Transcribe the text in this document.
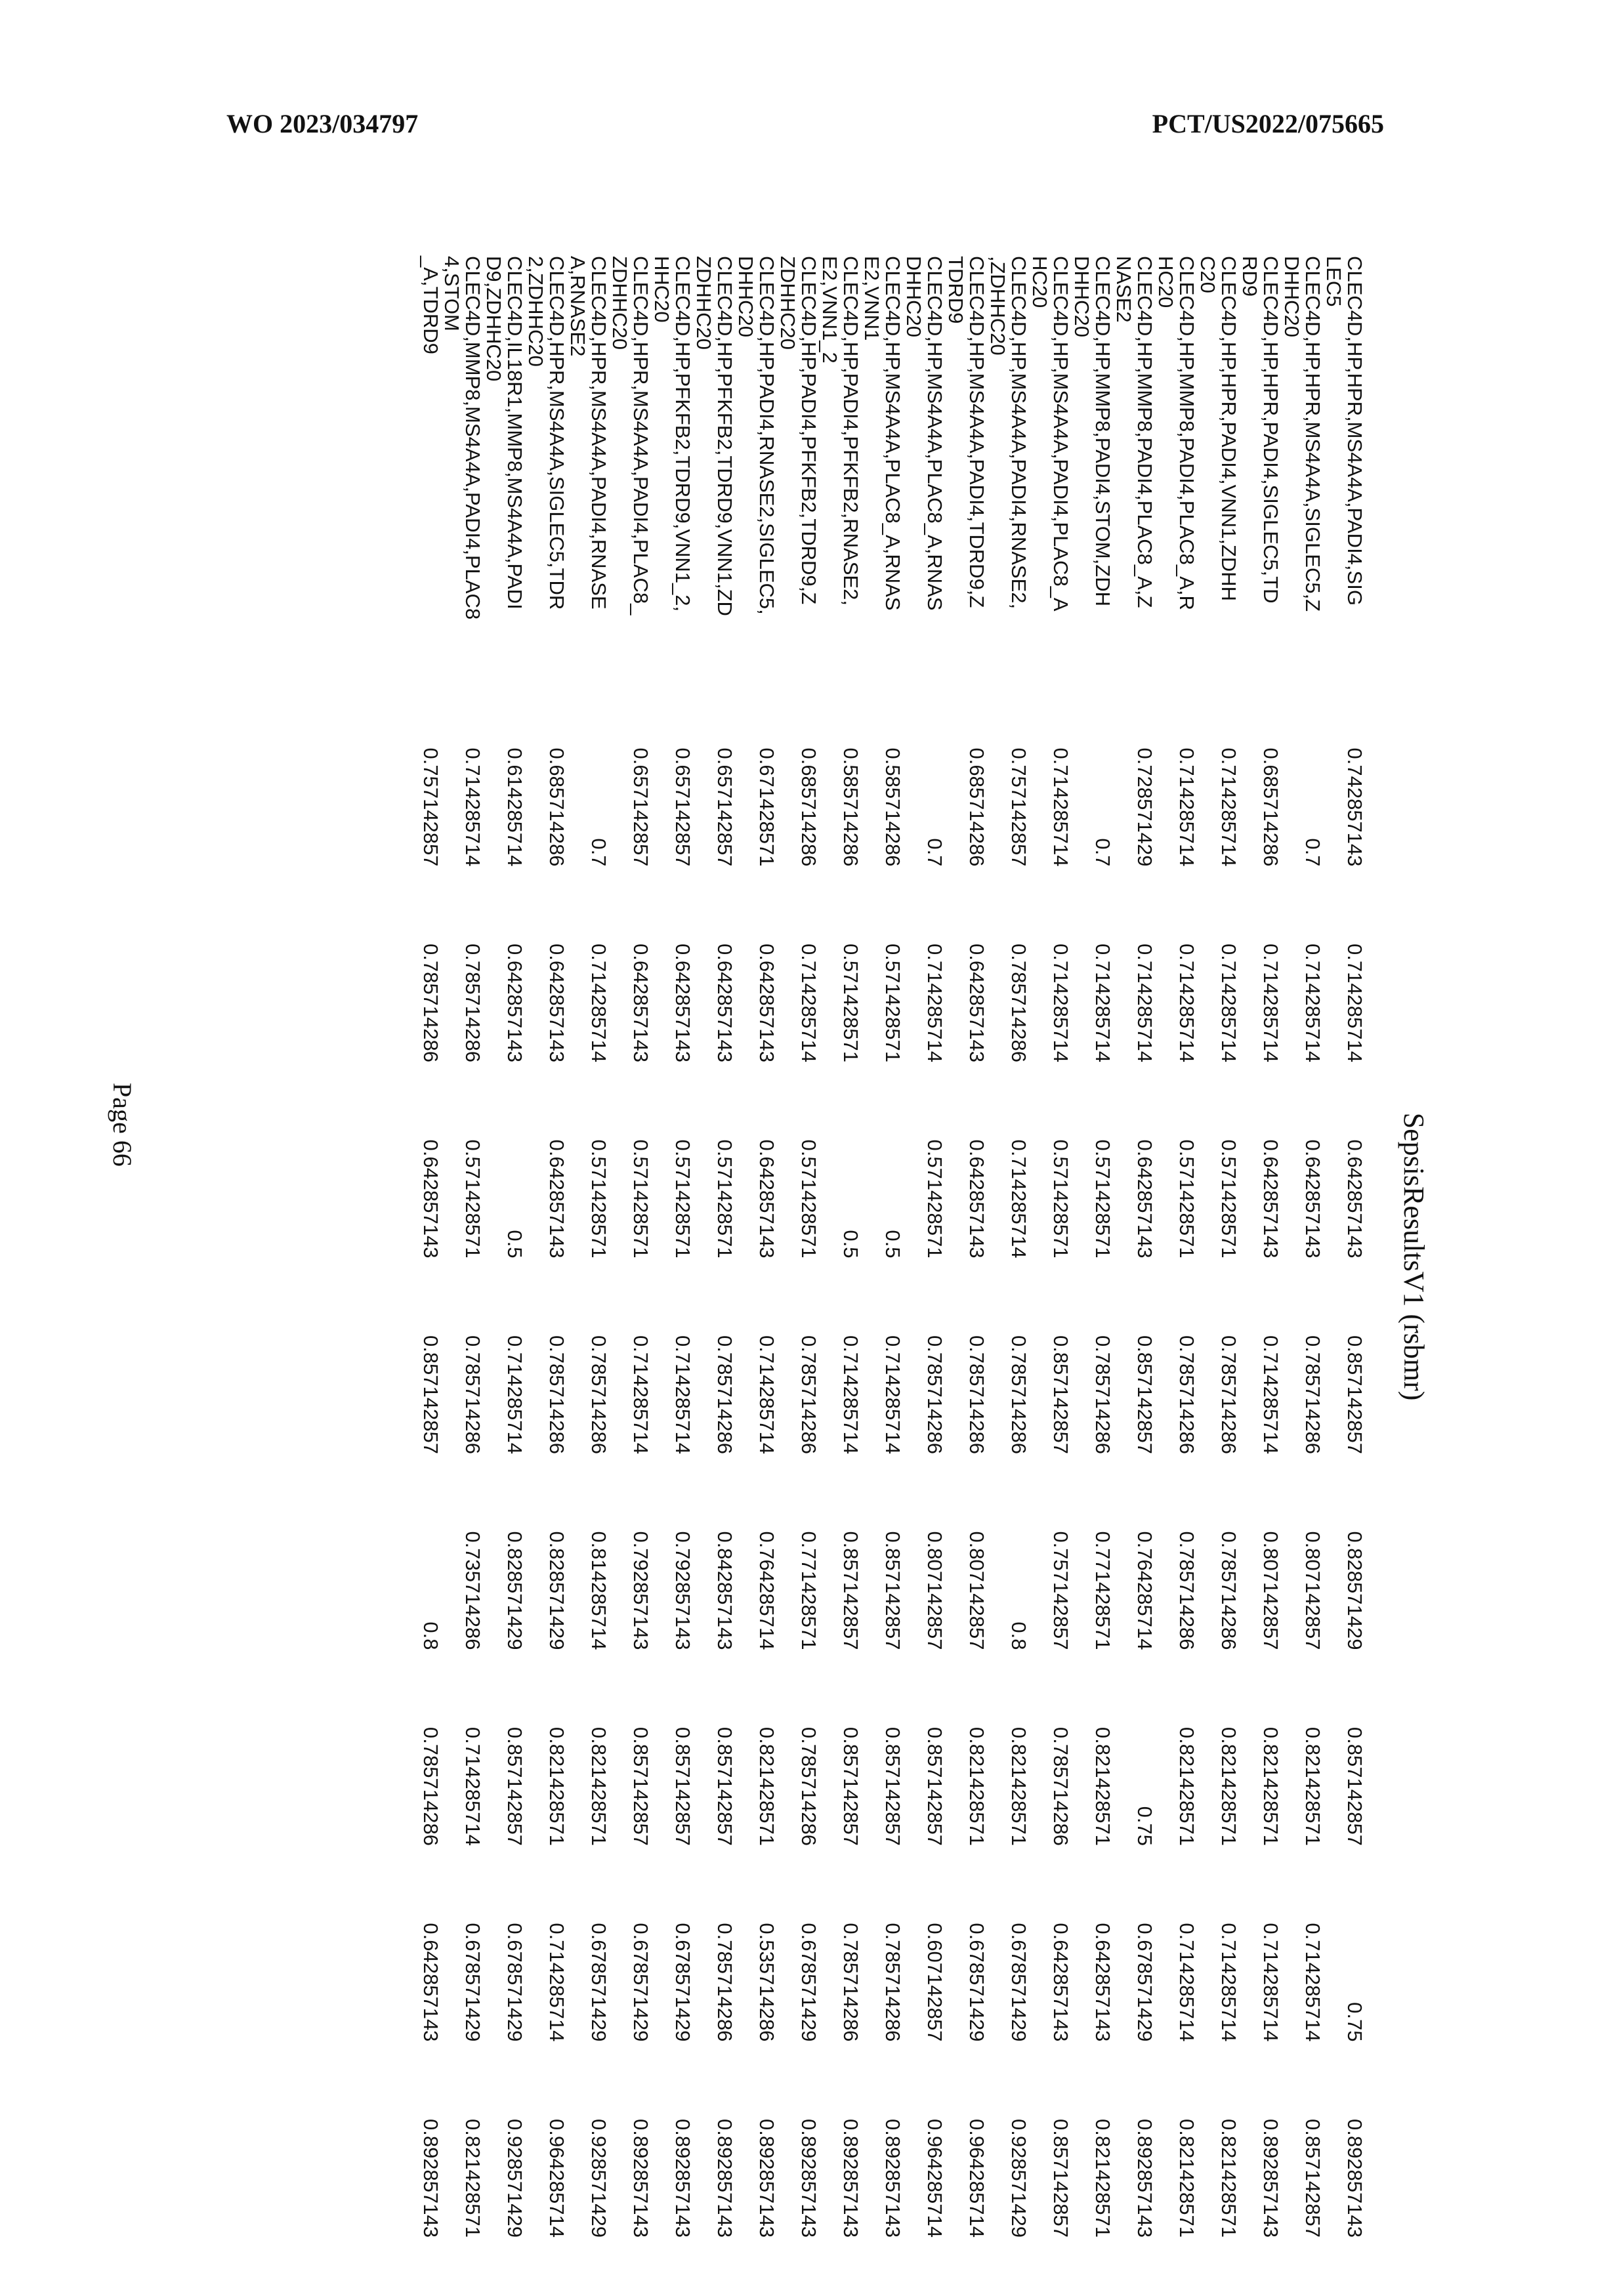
WO 2023/034797	PCT/US2022/075665
SepsisResultsV1 (rsbmr)
CLEC4D,HP,HPR,MS4A4A,PADI4,SIG
LEC5	0.742857143	0.714285714	0.642857143	0.857142857	0.828571429	0.857142857	0.75	0.892857143
CLEC4D,HP,HPR,MS4A4A,SIGLEC5,Z
DHHC20	0.7	0.714285714	0.642857143	0.785714286	0.807142857	0.821428571	0.714285714	0.857142857
CLEC4D,HP,HPR,PADI4,SIGLEC5,TD
RD9	0.685714286	0.714285714	0.642857143	0.714285714	0.807142857	0.821428571	0.714285714	0.892857143
CLEC4D,HP,HPR,PADI4,VNN1,ZDHH
C20	0.714285714	0.714285714	0.571428571	0.785714286	0.785714286	0.821428571	0.714285714	0.821428571
CLEC4D,HP,MMP8,PADI4,PLAC8_A,R
HC20	0.714285714	0.714285714	0.571428571	0.785714286	0.785714286	0.821428571	0.714285714	0.821428571
CLEC4D,HP,MMP8,PADI4,PLAC8_A,Z
NASE2	0.728571429	0.714285714	0.642857143	0.857142857	0.764285714	0.75	0.678571429	0.892857143
CLEC4D,HP,MMP8,PADI4,STOM,ZDH
DHHC20	0.7	0.714285714	0.571428571	0.785714286	0.771428571	0.821428571	0.642857143	0.821428571
CLEC4D,HP,MS4A4A,PADI4,PLAC8_A
HC20	0.714285714	0.714285714	0.571428571	0.857142857	0.757142857	0.785714286	0.642857143	0.857142857
CLEC4D,HP,MS4A4A,PADI4,RNASE2,
,ZDHHC20	0.757142857	0.785714286	0.714285714	0.785714286	0.8	0.821428571	0.678571429	0.928571429
CLEC4D,HP,MS4A4A,PADI4,TDRD9,Z
TDRD9	0.685714286	0.642857143	0.642857143	0.785714286	0.807142857	0.821428571	0.678571429	0.964285714
CLEC4D,HP,MS4A4A,PLAC8_A,RNAS
DHHC20	0.7	0.714285714	0.571428571	0.785714286	0.807142857	0.857142857	0.607142857	0.964285714
CLEC4D,HP,MS4A4A,PLAC8_A,RNAS
E2,VNN1	0.585714286	0.571428571	0.5	0.714285714	0.857142857	0.857142857	0.785714286	0.892857143
CLEC4D,HP,PADI4,PFKFB2,RNASE2,
E2,VNN1_2	0.585714286	0.571428571	0.5	0.714285714	0.857142857	0.857142857	0.785714286	0.892857143
CLEC4D,HP,PADI4,PFKFB2,TDRD9,Z
ZDHHC20	0.685714286	0.714285714	0.571428571	0.785714286	0.771428571	0.785714286	0.678571429	0.892857143
CLEC4D,HP,PADI4,RNASE2,SIGLEC5,
DHHC20	0.671428571	0.642857143	0.642857143	0.714285714	0.764285714	0.821428571	0.535714286	0.892857143
CLEC4D,HP,PFKFB2,TDRD9,VNN1,ZD
ZDHHC20	0.657142857	0.642857143	0.571428571	0.785714286	0.842857143	0.857142857	0.785714286	0.892857143
CLEC4D,HP,PFKFB2,TDRD9,VNN1_2,
HHC20	0.657142857	0.642857143	0.571428571	0.714285714	0.792857143	0.857142857	0.678571429	0.892857143
CLEC4D,HPR,MS4A4A,PADI4,PLAC8_
ZDHHC20	0.657142857	0.642857143	0.571428571	0.714285714	0.792857143	0.857142857	0.678571429	0.892857143
CLEC4D,HPR,MS4A4A,PADI4,RNASE
A,RNASE2	0.7	0.714285714	0.571428571	0.785714286	0.814285714	0.821428571	0.678571429	0.928571429
CLEC4D,HPR,MS4A4A,SIGLEC5,TDR
2,ZDHHC20	0.685714286	0.642857143	0.642857143	0.785714286	0.828571429	0.821428571	0.714285714	0.964285714
CLEC4D,IL18R1,MMP8,MS4A4A,PADI
D9,ZDHHC20	0.614285714	0.642857143	0.5	0.714285714	0.828571429	0.857142857	0.678571429	0.928571429
CLEC4D,MMP8,MS4A4A,PADI4,PLAC8
4,STOM	0.714285714	0.785714286	0.571428571	0.785714286	0.735714286	0.714285714	0.678571429	0.821428571
_A,TDRD9	0.757142857	0.785714286	0.642857143	0.857142857	0.8	0.785714286	0.642857143	0.892857143
Page 66
